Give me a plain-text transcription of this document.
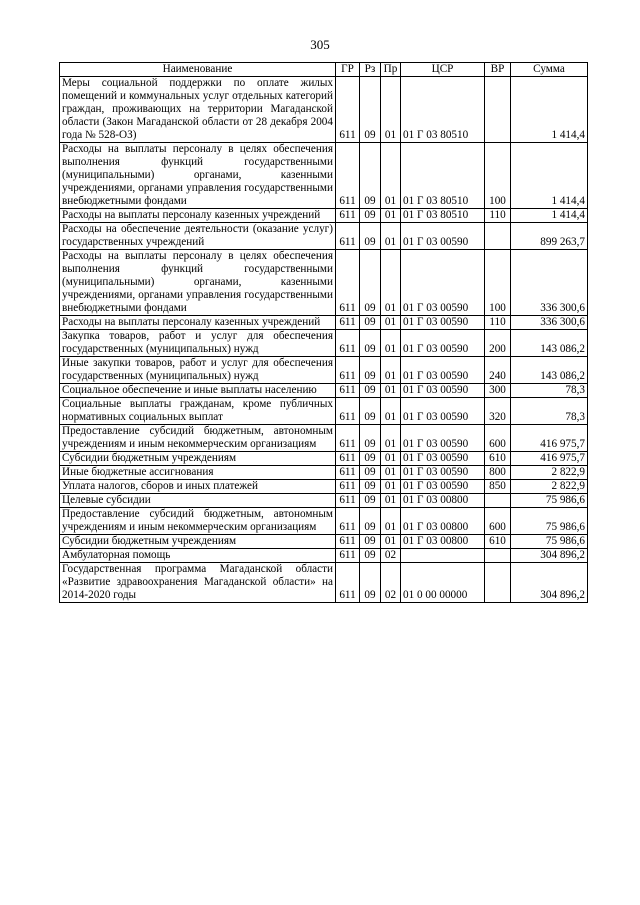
305
Наименование	ГР	Рз	Пр	ЦСР	ВР	Сумма
Меры социальной поддержки по оплате жилых помещений и коммунальных услуг отдельных категорий граждан, проживающих на территории Магаданской области (Закон Магаданской области от 28 декабря 2004 года № 528-ОЗ)	611	09	01	01 Г 03 80510		1 414,4
Расходы на выплаты персоналу в целях обеспечения выполнения функций государственными (муниципальными) органами, казенными учреждениями, органами управления государственными внебюджетными фондами	611	09	01	01 Г 03 80510	100	1 414,4
Расходы на выплаты персоналу казенных учреждений	611	09	01	01 Г 03 80510	110	1 414,4
Расходы на обеспечение деятельности (оказание услуг) государственных учреждений	611	09	01	01 Г 03 00590		899 263,7
Расходы на выплаты персоналу в целях обеспечения выполнения функций государственными (муниципальными) органами, казенными учреждениями, органами управления государственными внебюджетными фондами	611	09	01	01 Г 03 00590	100	336 300,6
Расходы на выплаты персоналу казенных учреждений	611	09	01	01 Г 03 00590	110	336 300,6
Закупка товаров, работ и услуг для обеспечения государственных (муниципальных) нужд	611	09	01	01 Г 03 00590	200	143 086,2
Иные закупки товаров, работ и услуг для обеспечения государственных (муниципальных) нужд	611	09	01	01 Г 03 00590	240	143 086,2
Социальное обеспечение и иные выплаты населению	611	09	01	01 Г 03 00590	300	78,3
Социальные выплаты гражданам, кроме публичных нормативных социальных выплат	611	09	01	01 Г 03 00590	320	78,3
Предоставление субсидий бюджетным, автономным учреждениям и иным некоммерческим организациям	611	09	01	01 Г 03 00590	600	416 975,7
Субсидии бюджетным учреждениям	611	09	01	01 Г 03 00590	610	416 975,7
Иные бюджетные ассигнования	611	09	01	01 Г 03 00590	800	2 822,9
Уплата налогов, сборов и иных платежей	611	09	01	01 Г 03 00590	850	2 822,9
Целевые субсидии	611	09	01	01 Г 03 00800		75 986,6
Предоставление субсидий бюджетным, автономным учреждениям и иным некоммерческим организациям	611	09	01	01 Г 03 00800	600	75 986,6
Субсидии бюджетным учреждениям	611	09	01	01 Г 03 00800	610	75 986,6
Амбулаторная помощь	611	09	02			304 896,2
Государственная программа Магаданской области «Развитие здравоохранения Магаданской области» на 2014-2020 годы	611	09	02	01 0 00 00000		304 896,2
